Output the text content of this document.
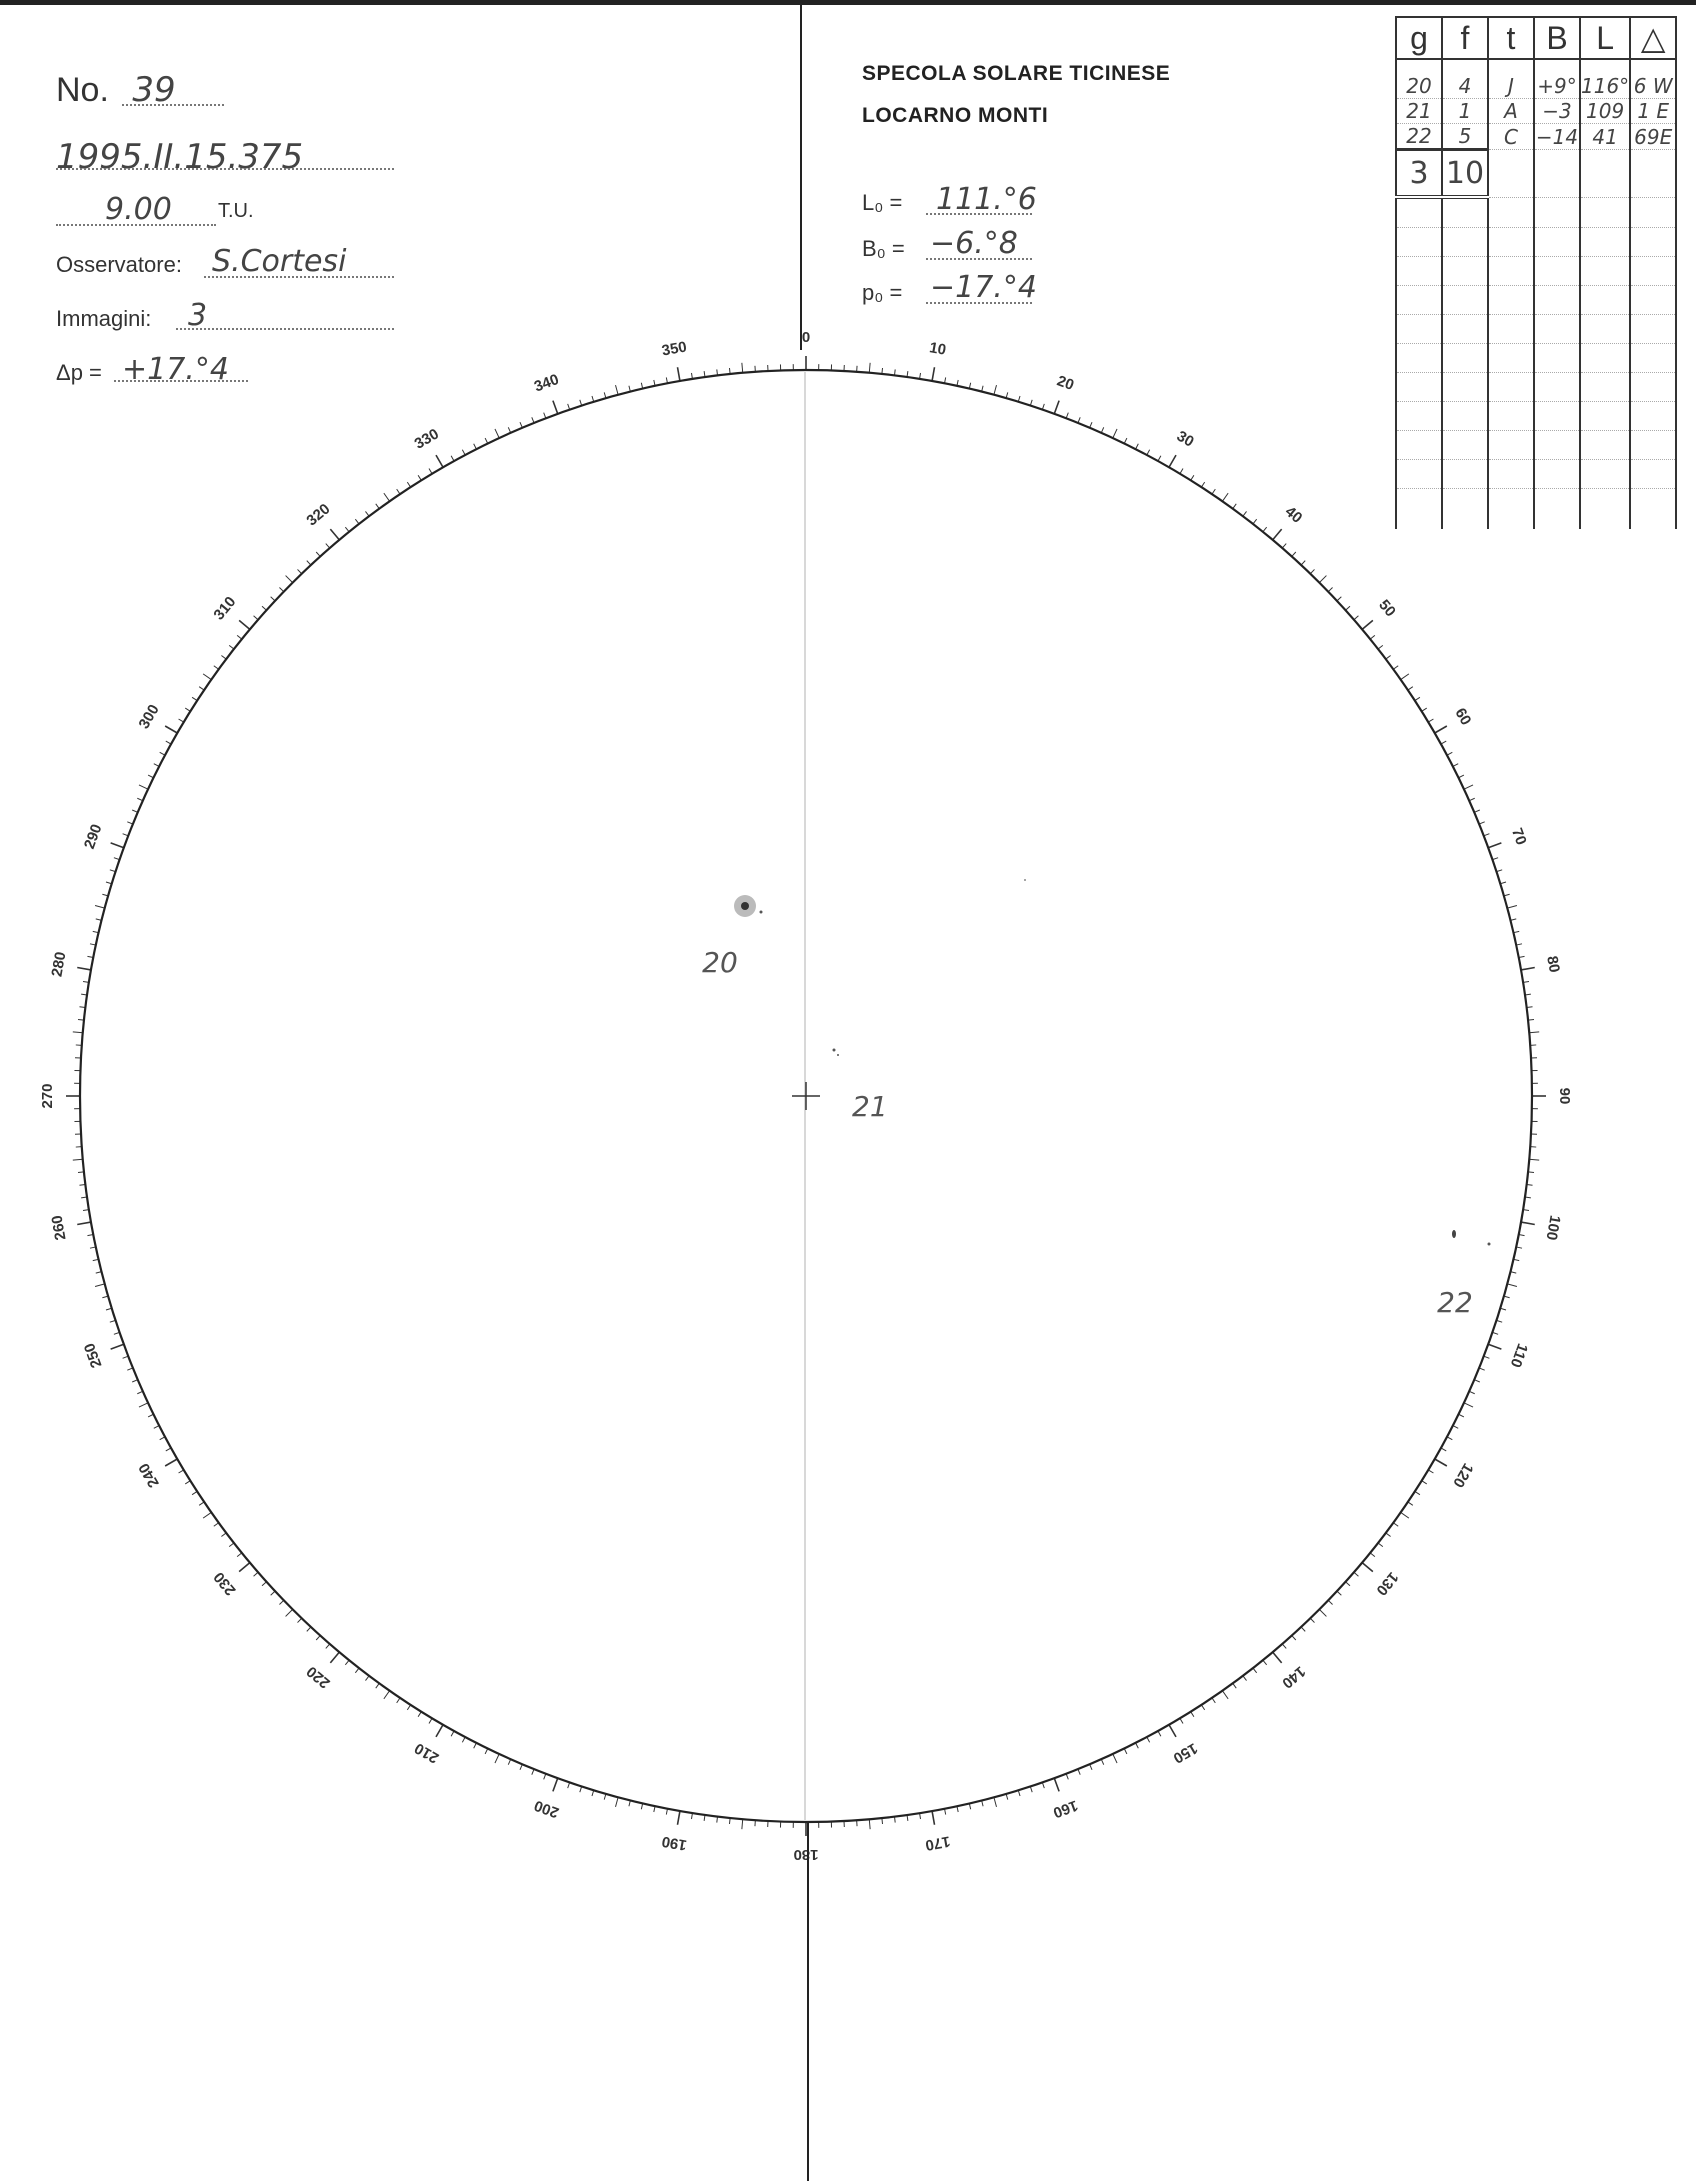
No. 39
1995.II.15.375
9.00 T.U.
Osservatore: S.Cortesi
Immagini: 3
Δp = +17.°4
SPECOLA SOLARE TICINESE
LOCARNO MONTI
L₀ = 111.°6
B₀ = −6.°8
p₀ = −17.°4
g	f	t	B	L	△

20	4	J	+9°	116°	6 W
21	1	A	−3	109	1 E
22	5	C	−14	41	69E
3	10				

0
10
20
30
40
50
60
70
80
90
100
110
120
130
140
150
160
170
180
190
200
210
220
230
240
250
260
270
280
290
300
310
320
330
340
350
20
21
22
